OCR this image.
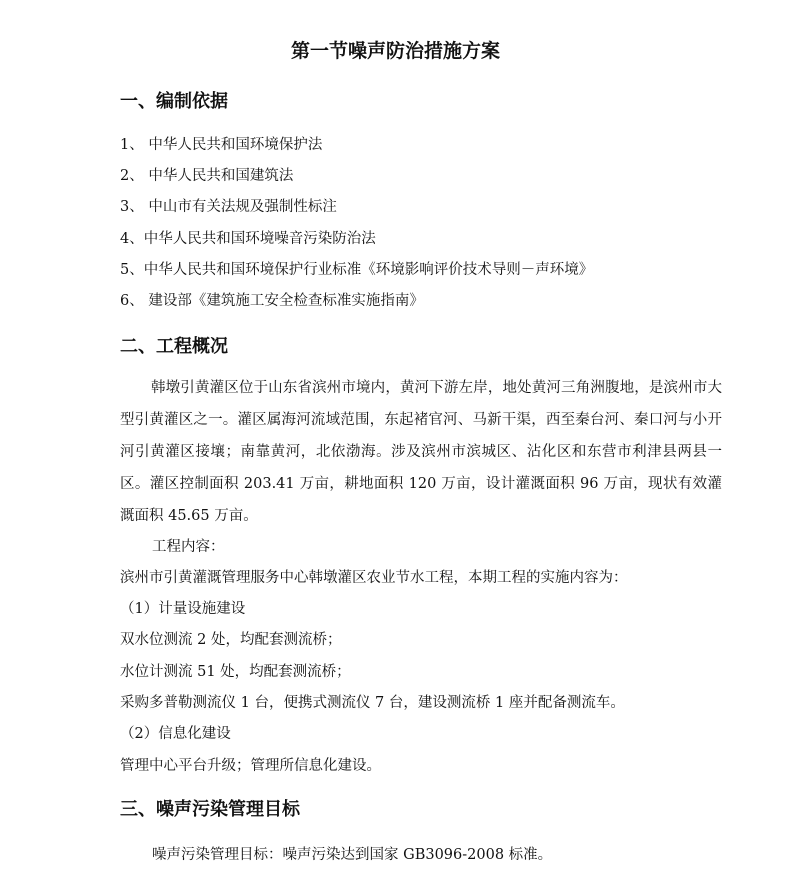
第一节噪声防治措施方案
一、编制依据
1、 中华人民共和国环境保护法
2、 中华人民共和国建筑法
3、 中山市有关法规及强制性标注
4、中华人民共和国环境噪音污染防治法
5、中华人民共和国环境保护行业标准《环境影响评价技术导则－声环境》
6、 建设部《建筑施工安全检查标准实施指南》
二、工程概况
韩墩引黄灌区位于山东省滨州市境内，黄河下游左岸，地处黄河三角洲腹地，是滨州市大型引黄灌区之一。灌区属海河流域范围，东起褚官河、马新干渠，西至秦台河、秦口河与小开河引黄灌区接壤；南靠黄河，北依渤海。涉及滨州市滨城区、沾化区和东营市利津县两县一区。灌区控制面积 203.41 万亩，耕地面积 120 万亩，设计灌溉面积 96 万亩，现状有效灌溉面积 45.65 万亩。
工程内容：
滨州市引黄灌溉管理服务中心韩墩灌区农业节水工程，本期工程的实施内容为：
（1）计量设施建设
双水位测流 2 处，均配套测流桥；
水位计测流 51 处，均配套测流桥；
采购多普勒测流仪 1 台，便携式测流仪 7 台，建设测流桥 1 座并配备测流车。
（2）信息化建设
管理中心平台升级；管理所信息化建设。
三、噪声污染管理目标
噪声污染管理目标：噪声污染达到国家 GB3096-2008 标准。
